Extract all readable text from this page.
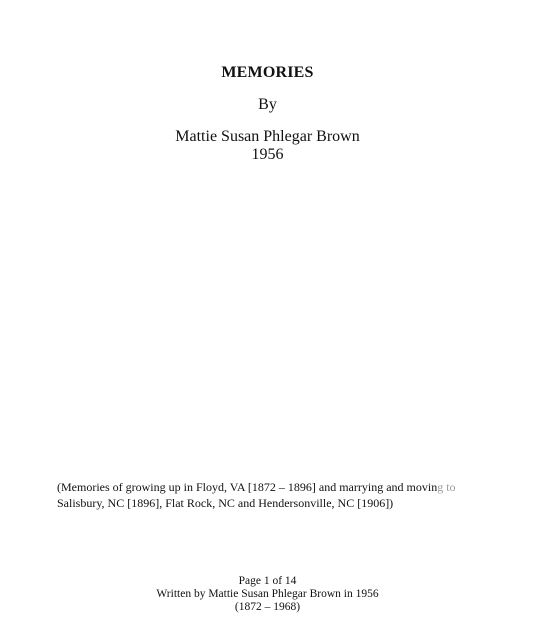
MEMORIES
By
Mattie Susan Phlegar Brown
1956
(Memories of growing up in Floyd, VA [1872 – 1896] and marrying and moving to
Salisbury, NC [1896], Flat Rock, NC and Hendersonville, NC [1906])
Page 1 of 14
Written by Mattie Susan Phlegar Brown in 1956
(1872 – 1968)
